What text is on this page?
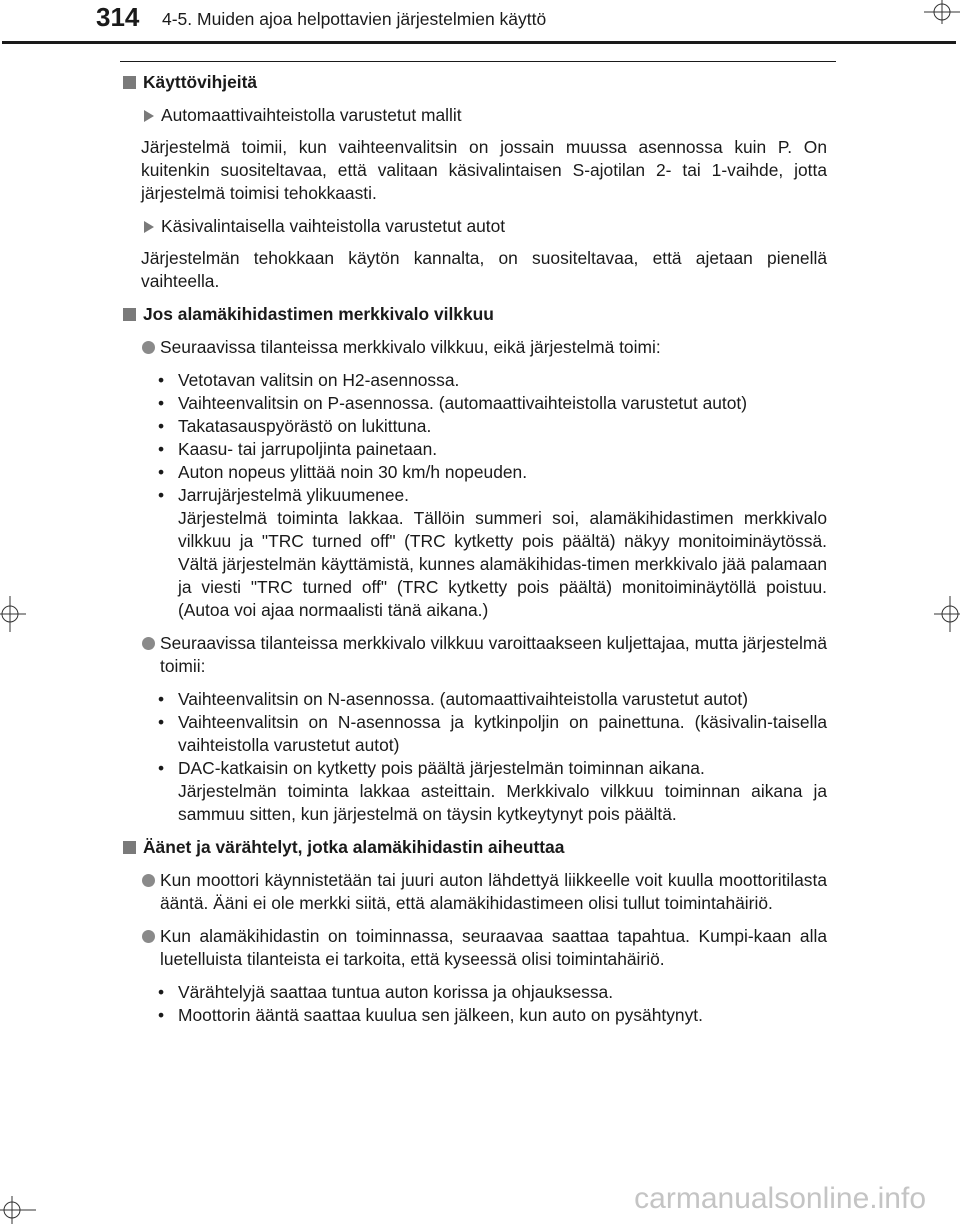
314 4-5. Muiden ajoa helpottavien järjestelmien käyttö
Käyttövihjeitä
Automaattivaihteistolla varustetut mallit
Järjestelmä toimii, kun vaihteenvalitsin on jossain muussa asennossa kuin P. On kuitenkin suositeltavaa, että valitaan käsivalintaisen S-ajotilan 2- tai 1-vaihde, jotta järjestelmä toimisi tehokkaasti.
Käsivalintaisella vaihteistolla varustetut autot
Järjestelmän tehokkaan käytön kannalta, on suositeltavaa, että ajetaan pienellä vaihteella.
Jos alamäkihidastimen merkkivalo vilkkuu
Seuraavissa tilanteissa merkkivalo vilkkuu, eikä järjestelmä toimi:
• Vetotavan valitsin on H2-asennossa.
• Vaihteenvalitsin on P-asennossa. (automaattivaihteistolla varustetut autot)
• Takatasauspyörästö on lukittuna.
• Kaasu- tai jarrupoljinta painetaan.
• Auton nopeus ylittää noin 30 km/h nopeuden.
• Jarrujärjestelmä ylikuumenee.
Järjestelmä toiminta lakkaa. Tällöin summeri soi, alamäkihidastimen merkkivalo vilkkuu ja "TRC turned off" (TRC kytketty pois päältä) näkyy monitoiminäytössä. Vältä järjestelmän käyttämistä, kunnes alamäkihidas-timen merkkivalo jää palamaan ja viesti "TRC turned off" (TRC kytketty pois päältä) monitoiminäytöllä poistuu. (Autoa voi ajaa normaalisti tänä aikana.)
Seuraavissa tilanteissa merkkivalo vilkkuu varoittaakseen kuljettajaa, mutta järjestelmä toimii:
• Vaihteenvalitsin on N-asennossa. (automaattivaihteistolla varustetut autot)
• Vaihteenvalitsin on N-asennossa ja kytkinpoljin on painettuna. (käsivalin-taisella vaihteistolla varustetut autot)
• DAC-katkaisin on kytketty pois päältä järjestelmän toiminnan aikana.
Järjestelmän toiminta lakkaa asteittain. Merkkivalo vilkkuu toiminnan aikana ja sammuu sitten, kun järjestelmä on täysin kytkeytynyt pois päältä.
Äänet ja värähtelyt, jotka alamäkihidastin aiheuttaa
Kun moottori käynnistetään tai juuri auton lähdettyä liikkeelle voit kuulla moottoritilasta ääntä. Ääni ei ole merkki siitä, että alamäkihidastimeen olisi tullut toimintahäiriö.
Kun alamäkihidastin on toiminnassa, seuraavaa saattaa tapahtua. Kumpi-kaan alla luetelluista tilanteista ei tarkoita, että kyseessä olisi toimintahäiriö.
• Värähtelyjä saattaa tuntua auton korissa ja ohjauksessa.
• Moottorin ääntä saattaa kuulua sen jälkeen, kun auto on pysähtynyt.
carmanualsonline.info
